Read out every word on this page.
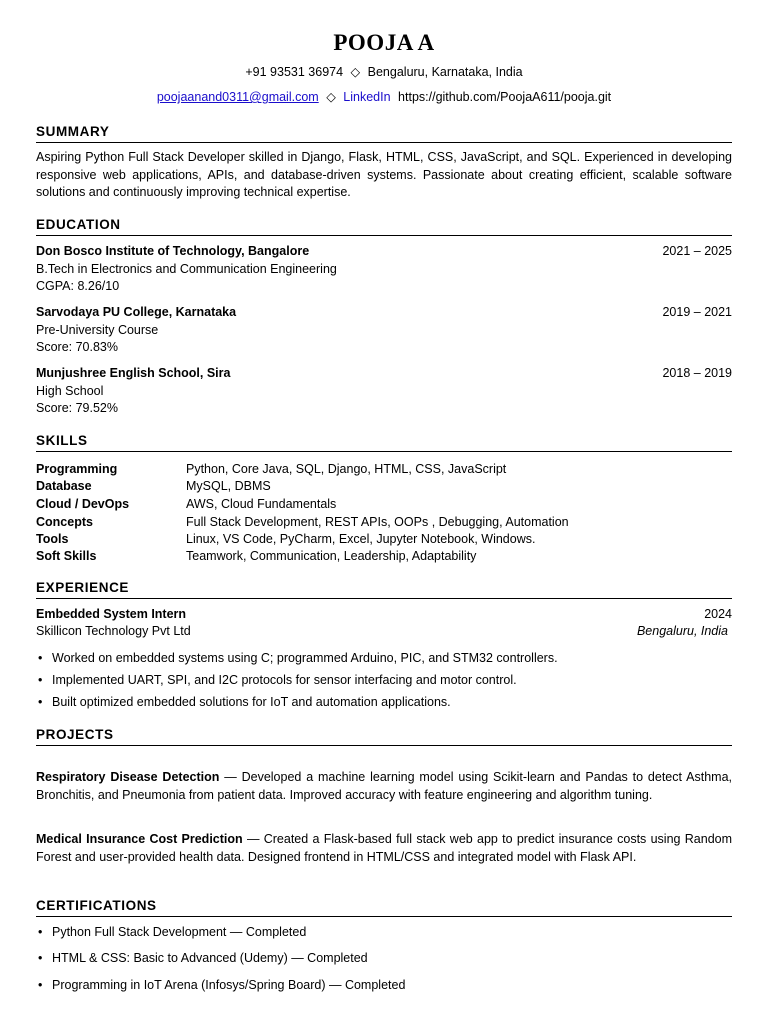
POOJA A
+91 93531 36974 ◇ Bengaluru, Karnataka, India
poojaanand0311@gmail.com ◇ LinkedIn https://github.com/PoojaA611/pooja.git
SUMMARY
Aspiring Python Full Stack Developer skilled in Django, Flask, HTML, CSS, JavaScript, and SQL. Experienced in developing responsive web applications, APIs, and database-driven systems. Passionate about creating efficient, scalable software solutions and continuously improving technical expertise.
EDUCATION
Don Bosco Institute of Technology, Bangalore	2021 – 2025
B.Tech in Electronics and Communication Engineering
CGPA: 8.26/10
Sarvodaya PU College, Karnataka	2019 – 2021
Pre-University Course
Score: 70.83%
Munjushree English School, Sira	2018 – 2019
High School
Score: 79.52%
SKILLS
Programming	Python, Core Java, SQL, Django, HTML, CSS, JavaScript
Database	MySQL, DBMS
Cloud / DevOps	AWS, Cloud Fundamentals
Concepts	Full Stack Development, REST APIs, OOPs , Debugging, Automation
Tools	Linux, VS Code, PyCharm, Excel, Jupyter Notebook, Windows.
Soft Skills	Teamwork, Communication, Leadership, Adaptability
EXPERIENCE
Embedded System Intern	2024
Skillicon Technology Pvt Ltd	Bengaluru, India
• Worked on embedded systems using C; programmed Arduino, PIC, and STM32 controllers.
• Implemented UART, SPI, and I2C protocols for sensor interfacing and motor control.
• Built optimized embedded solutions for IoT and automation applications.
PROJECTS
Respiratory Disease Detection — Developed a machine learning model using Scikit-learn and Pandas to detect Asthma, Bronchitis, and Pneumonia from patient data. Improved accuracy with feature engineering and algorithm tuning.
Medical Insurance Cost Prediction — Created a Flask-based full stack web app to predict insurance costs using Random Forest and user-provided health data. Designed frontend in HTML/CSS and integrated model with Flask API.
CERTIFICATIONS
• Python Full Stack Development — Completed
• HTML & CSS: Basic to Advanced (Udemy) — Completed
• Programming in IoT Arena (Infosys/Spring Board) — Completed
